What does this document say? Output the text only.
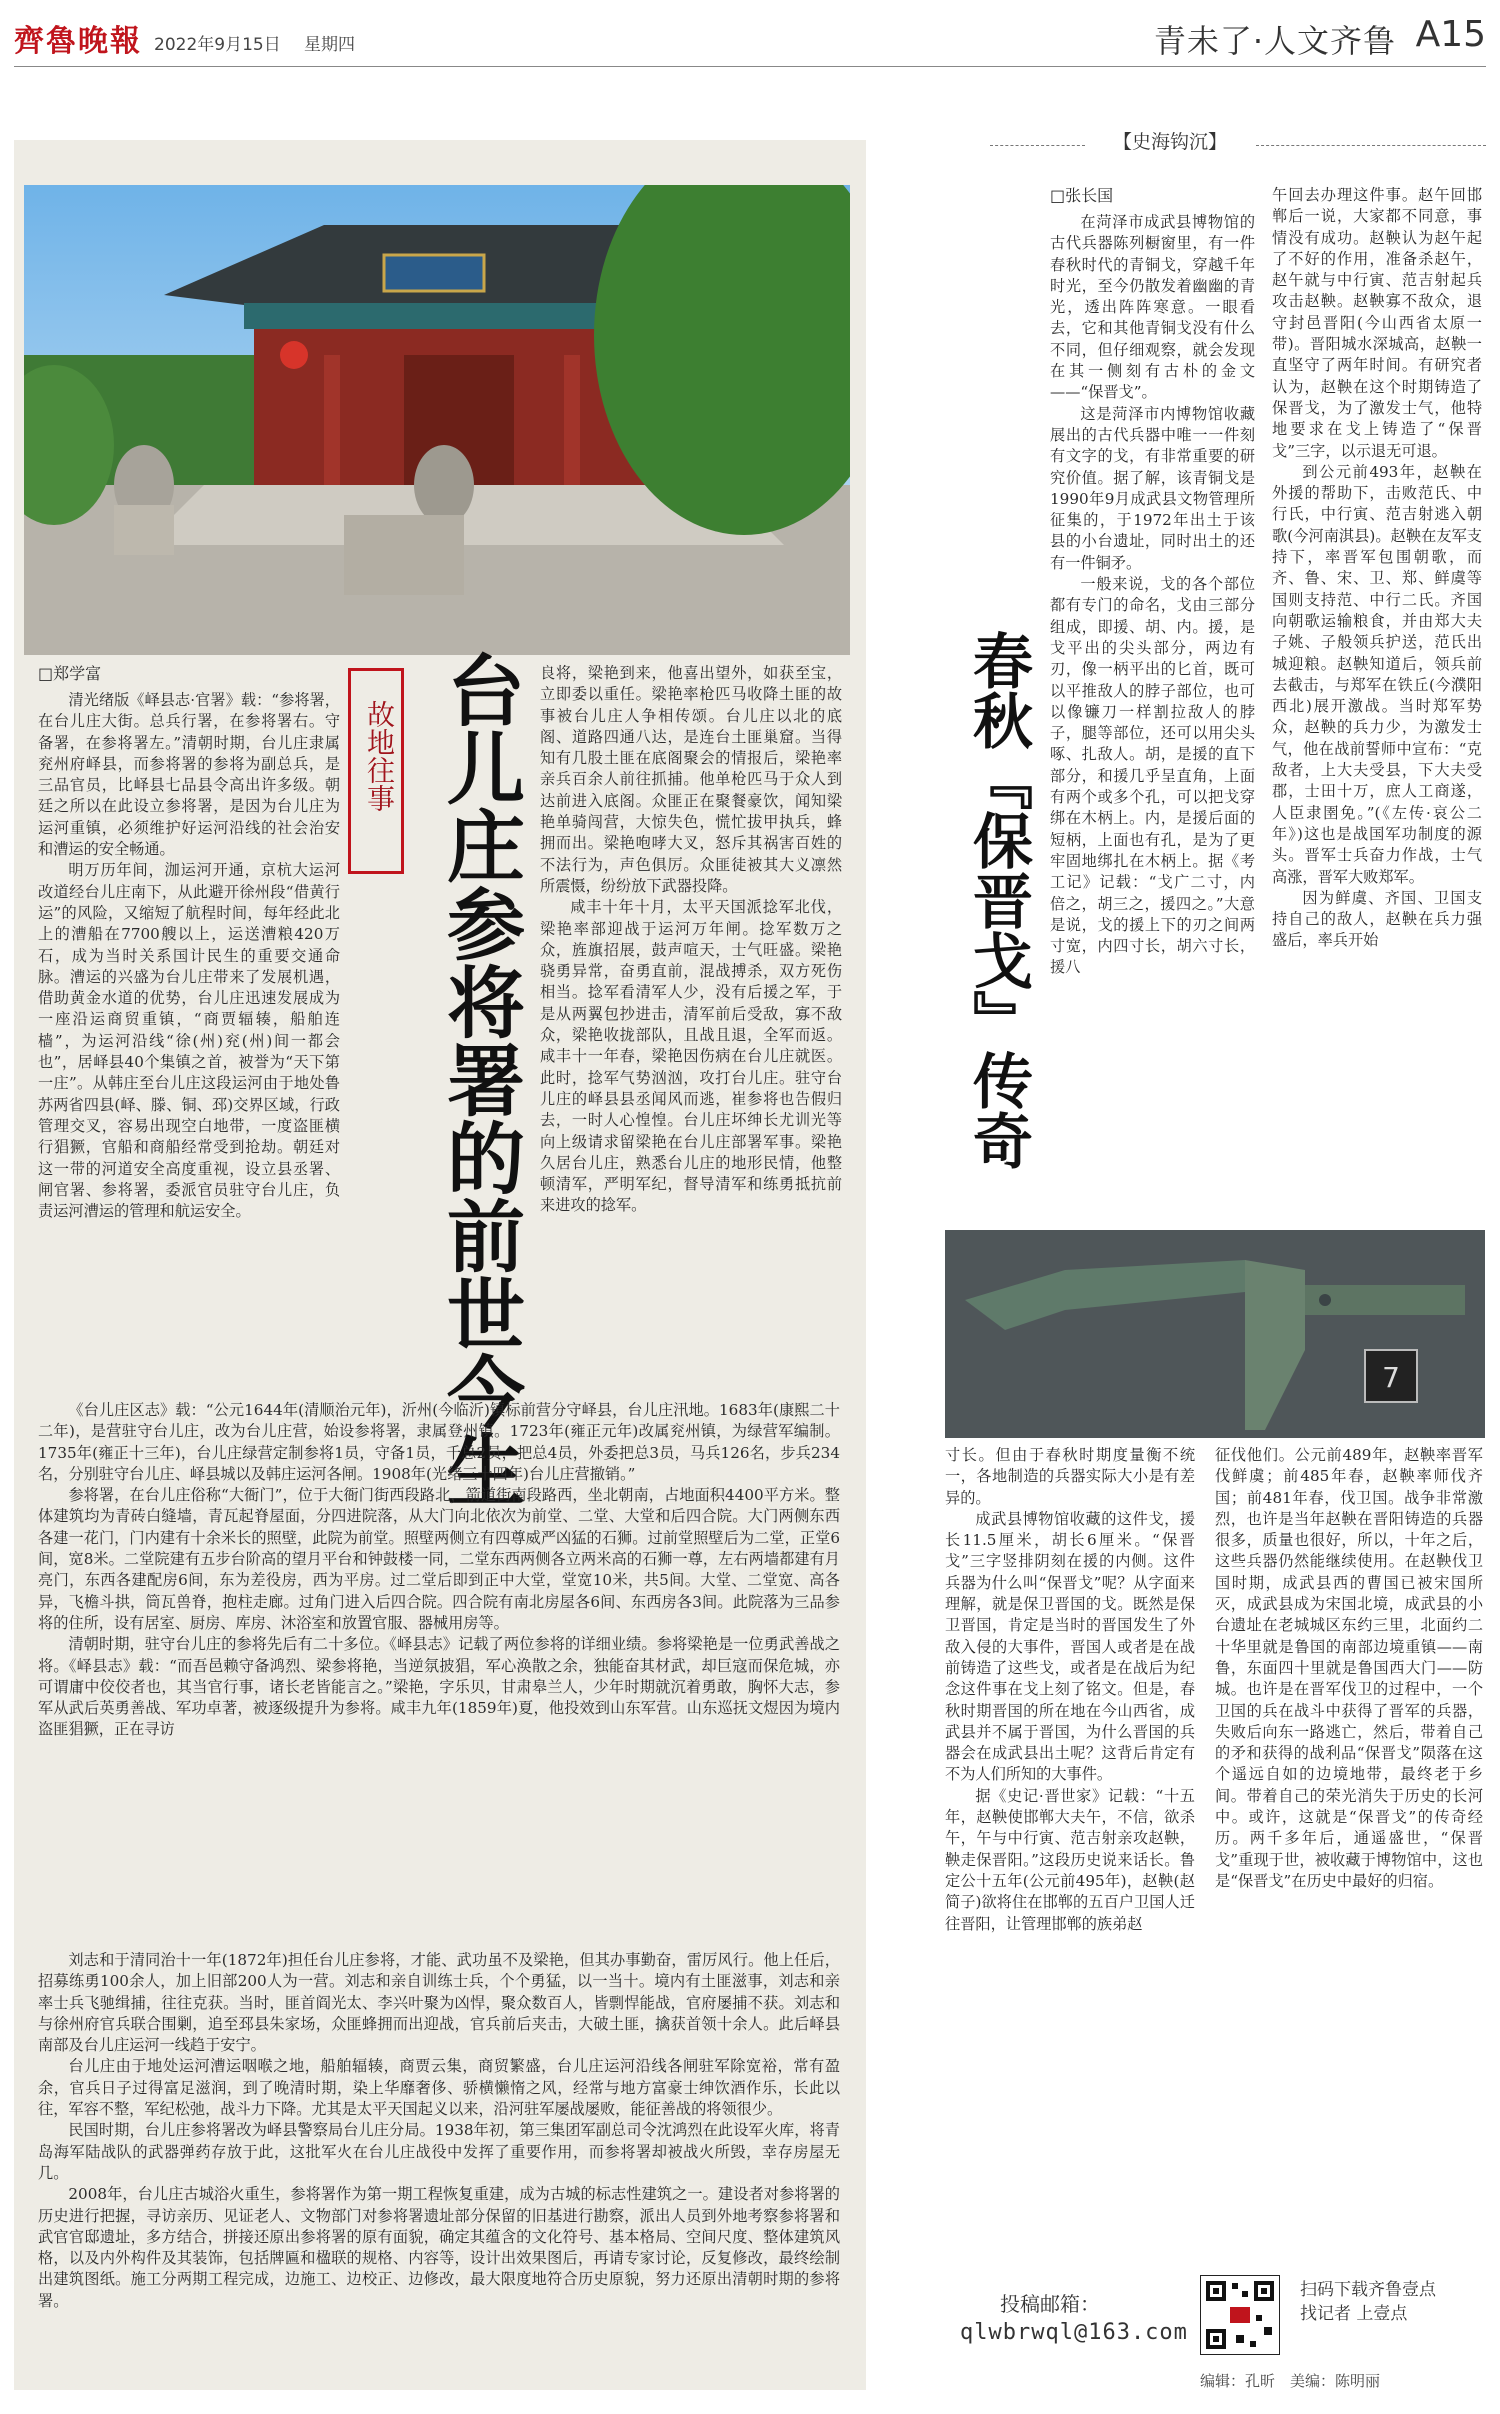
齊魯晚報 2022年9月15日 星期四	青未了·人文齐鲁 A15
故地往事 台儿庄参将署的前世今生
□郑学富

清光绪版《峄县志·官署》载：“参将署，在台儿庄大街。总兵行署，在参将署右。守备署，在参将署左。”清朝时期，台儿庄隶属兖州府峄县，而参将署的参将为副总兵，是三品官员，比峄县七品县令高出许多级。朝廷之所以在此设立参将署，是因为台儿庄为运河重镇，必须维护好运河沿线的社会治安和漕运的安全畅通。

明万历年间，泇运河开通，京杭大运河改道经台儿庄南下，从此避开徐州段“借黄行运”的风险，又缩短了航程时间，每年经此北上的漕船在7700艘以上，运送漕粮420万石，成为当时关系国计民生的重要交通命脉。漕运的兴盛为台儿庄带来了发展机遇，借助黄金水道的优势，台儿庄迅速发展成为一座沿运商贸重镇，“商贾辐辏，船舶连樯”，为运河沿线“徐(州)兖(州)间一都会也”，居峄县40个集镇之首，被誉为“天下第一庄”。从韩庄至台儿庄这段运河由于地处鲁苏两省四县(峄、滕、铜、邳)交界区域，行政管理交叉，容易出现空白地带，一度盗匪横行猖獗，官船和商船经常受到抢劫。朝廷对这一带的河道安全高度重视，设立县丞署、闸官署、参将署，委派官员驻守台儿庄，负责运河漕运的管理和航运安全。

《台儿庄区志》载：“公元1644年(清顺治元年)，沂州(今临沂)镇标前营分守峄县，台儿庄汛地。1683年(康熙二十二年)，是营驻守台儿庄，改为台儿庄营，始设参将署，隶属登州镇。1723年(雍正元年)改属兖州镇，为绿营军编制。1735年(雍正十三年)，台儿庄绿营定制参将1员，守备1员，千总2员，把总4员，外委把总3员，马兵126名，步兵234名，分别驻守台儿庄、峄县城以及韩庄运河各闸。1908年(光绪三十四年)台儿庄营撤销。”

参将署，在台儿庄俗称“大衙门”，位于大衙门街西段路北，箭道街南段路西，坐北朝南，占地面积4400平方米。整体建筑均为青砖白缝墙，青瓦起脊屋面，分四进院落，从大门向北依次为前堂、二堂、大堂和后四合院。大门两侧东西各建一花门，门内建有十余米长的照壁，此院为前堂。照壁两侧立有四尊威严凶猛的石狮。过前堂照壁后为二堂，正堂6间，宽8米。二堂院建有五步台阶高的望月平台和钟鼓楼一同，二堂东西两侧各立两米高的石狮一尊，左右两墙都建有月亮门，东西各建配房6间，东为差役房，西为平房。过二堂后即到正中大堂，堂宽10米，共5间。大堂、二堂宽、高各异，飞檐斗拱，筒瓦兽脊，抱柱走廊。过角门进入后四合院。四合院有南北房屋各6间、东西房各3间。此院落为三品参将的住所，设有居室、厨房、库房、沐浴室和放置官服、器械用房等。

清朝时期，驻守台儿庄的参将先后有二十多位。《峄县志》记载了两位参将的详细业绩。参将梁艳是一位勇武善战之将。《峄县志》载：“而吾邑赖守备鸿烈、梁参将艳，当逆氛披猖，军心涣散之余，独能奋其材武，却巨寇而保危城，亦可谓庸中佼佼者也，其当官行事，诸长老皆能言之。”梁艳，字乐贝，甘肃皋兰人，少年时期就沉着勇敢，胸怀大志，参军从武后英勇善战、军功卓著，被逐级提升为参将。咸丰九年(1859年)夏，他投效到山东军营。山东巡抚文煜因为境内盗匪猖獗，正在寻访

良将，梁艳到来，他喜出望外，如获至宝，立即委以重任。梁艳率枪匹马收降土匪的故事被台儿庄人争相传颂。台儿庄以北的底阁、道路四通八达，是连台土匪巢窟。当得知有几股土匪在底阁聚会的情报后，梁艳率亲兵百余人前往抓捕。他单枪匹马于众人到达前进入底阁。众匪正在聚餐豪饮，闻知梁艳单骑闯营，大惊失色，慌忙拔甲执兵，蜂拥而出。梁艳咆哮大叉，怒斥其祸害百姓的不法行为，声色俱厉。众匪徒被其大义凛然所震慑，纷纷放下武器投降。

咸丰十年十月，太平天国派捻军北伐，梁艳率部迎战于运河万年闸。捻军数万之众，旌旗招展，鼓声喧天，士气旺盛。梁艳骁勇异常，奋勇直前，混战搏杀，双方死伤相当。捻军看清军人少，没有后援之军，于是从两翼包抄进击，清军前后受敌，寡不敌众，梁艳收拢部队，且战且退，全军而返。咸丰十一年春，梁艳因伤病在台儿庄就医。此时，捻军气势汹汹，攻打台儿庄。驻守台儿庄的峄县县丞闻风而逃，崔参将也告假归去，一时人心惶惶。台儿庄坏绅长尤训光等向上级请求留梁艳在台儿庄部署军事。梁艳久居台儿庄，熟悉台儿庄的地形民情，他整顿清军，严明军纪，督导清军和练勇抵抗前来进攻的捻军。

刘志和于清同治十一年(1872年)担任台儿庄参将，才能、武功虽不及梁艳，但其办事勤奋，雷厉风行。他上任后，招募练勇100余人，加上旧部200人为一营。刘志和亲自训练士兵，个个勇猛，以一当十。境内有土匪滋事，刘志和亲率士兵飞驰缉捕，往往克获。当时，匪首阎光太、李兴叶聚为凶悍，聚众数百人，皆剽悍能战，官府屡捕不获。刘志和与徐州府官兵联合围剿，追至邳县朱家场，众匪蜂拥而出迎战，官兵前后夹击，大破土匪，擒获首领十余人。此后峄县南部及台儿庄运河一线趋于安宁。

台儿庄由于地处运河漕运咽喉之地，船舶辐辏，商贾云集，商贸繁盛，台儿庄运河沿线各闸驻军除宽裕，常有盈余，官兵日子过得富足滋润，到了晚清时期，染上华靡奢侈、骄横懒惰之风，经常与地方富豪士绅饮酒作乐，长此以往，军容不整，军纪松弛，战斗力下降。尤其是太平天国起义以来，沿河驻军屡战屡败，能征善战的将领很少。

民国时期，台儿庄参将署改为峄县警察局台儿庄分局。1938年初，第三集团军副总司令沈鸿烈在此设军火库，将青岛海军陆战队的武器弹药存放于此，这批军火在台儿庄战役中发挥了重要作用，而参将署却被战火所毁，幸存房屋无几。

2008年，台儿庄古城浴火重生，参将署作为第一期工程恢复重建，成为古城的标志性建筑之一。建设者对参将署的历史进行把握，寻访亲历、见证老人、文物部门对参将署遗址部分保留的旧基进行勘察，派出人员到外地考察参将署和武官官邸遗址，多方结合，拼接还原出参将署的原有面貌，确定其蕴含的文化符号、基本格局、空间尺度、整体建筑风格，以及内外构件及其装饰，包括牌匾和楹联的规格、内容等，设计出效果图后，再请专家讨论，反复修改，最终绘制出建筑图纸。施工分两期工程完成，边施工、边校正、边修改，最大限度地符合历史原貌，努力还原出清朝时期的参将署。

【史海钩沉】
春秋『保晋戈』传奇
□张长国

在菏泽市成武县博物馆的古代兵器陈列橱窗里，有一件春秋时代的青铜戈，穿越千年时光，至今仍散发着幽幽的青光，透出阵阵寒意。一眼看去，它和其他青铜戈没有什么不同，但仔细观察，就会发现在其一侧刻有古朴的金文——“保晋戈”。

这是菏泽市内博物馆收藏展出的古代兵器中唯一一件刻有文字的戈，有非常重要的研究价值。据了解，该青铜戈是1990年9月成武县文物管理所征集的，于1972年出土于该县的小台遗址，同时出土的还有一件铜矛。

一般来说，戈的各个部位都有专门的命名，戈由三部分组成，即援、胡、内。援，是戈平出的尖头部分，两边有刃，像一柄平出的匕首，既可以平推敌人的脖子部位，也可以像镰刀一样割拉敌人的脖子，腿等部位，还可以用尖头啄、扎敌人。胡，是援的直下部分，和援几乎呈直角，上面有两个或多个孔，可以把戈穿绑在木柄上。内，是援后面的短柄，上面也有孔，是为了更牢固地绑扎在木柄上。据《考工记》记载：“戈广二寸，内倍之，胡三之，援四之。”大意是说，戈的援上下的刃之间两寸宽，内四寸长，胡六寸长，援八

午回去办理这件事。赵午回邯郸后一说，大家都不同意，事情没有成功。赵鞅认为赵午起了不好的作用，准备杀赵午，赵午就与中行寅、范吉射起兵攻击赵鞅。赵鞅寡不敌众，退守封邑晋阳(今山西省太原一带)。晋阳城水深城高，赵鞅一直坚守了两年时间。有研究者认为，赵鞅在这个时期铸造了保晋戈，为了激发士气，他特地要求在戈上铸造了“保晋戈”三字，以示退无可退。

到公元前493年，赵鞅在外援的帮助下，击败范氏、中行氏，中行寅、范吉射逃入朝歌(今河南淇县)。赵鞅在友军支持下，率晋军包围朝歌，而齐、鲁、宋、卫、郑、鲜虞等国则支持范、中行二氏。齐国向朝歌运输粮食，并由郑大夫子姚、子般领兵护送，范氏出城迎粮。赵鞅知道后，领兵前去截击，与郑军在铁丘(今濮阳西北)展开激战。当时郑军势众，赵鞅的兵力少，为激发士气，他在战前誓师中宣布：“克敌者，上大夫受县，下大夫受郡，士田十万，庶人工商遂，人臣隶圉免。”(《左传·哀公二年》)这也是战国军功制度的源头。晋军士兵奋力作战，士气高涨，晋军大败郑军。

因为鲜虞、齐国、卫国支持自己的敌人，赵鞅在兵力强盛后，率兵开始

7

寸长。但由于春秋时期度量衡不统一，各地制造的兵器实际大小是有差异的。

成武县博物馆收藏的这件戈，援长11.5厘米，胡长6厘米。“保晋戈”三字竖排阴刻在援的内侧。这件兵器为什么叫“保晋戈”呢？从字面来理解，就是保卫晋国的戈。既然是保卫晋国，肯定是当时的晋国发生了外敌入侵的大事件，晋国人或者是在战前铸造了这些戈，或者是在战后为纪念这件事在戈上刻了铭文。但是，春秋时期晋国的所在地在今山西省，成武县并不属于晋国，为什么晋国的兵器会在成武县出土呢？这背后肯定有不为人们所知的大事件。

据《史记·晋世家》记载：“十五年，赵鞅使邯郸大夫午，不信，欲杀午，午与中行寅、范吉射亲攻赵鞅，鞅走保晋阳。”这段历史说来话长。鲁定公十五年(公元前495年)，赵鞅(赵简子)欲将住在邯郸的五百户卫国人迁往晋阳，让管理邯郸的族弟赵

征伐他们。公元前489年，赵鞅率晋军伐鲜虞；前485年春，赵鞅率师伐齐国；前481年春，伐卫国。战争非常激烈，也许是当年赵鞅在晋阳铸造的兵器很多，质量也很好，所以，十年之后，这些兵器仍然能继续使用。在赵鞅伐卫国时期，成武县西的曹国已被宋国所灭，成武县成为宋国北境，成武县的小台遗址在老城城区东约三里，北面约二十华里就是鲁国的南部边境重镇——南鲁，东面四十里就是鲁国西大门——防城。也许是在晋军伐卫的过程中，一个卫国的兵在战斗中获得了晋军的兵器，失败后向东一路逃亡，然后，带着自己的矛和获得的战利品“保晋戈”陨落在这个遥远自如的边境地带，最终老于乡间。带着自己的荣光消失于历史的长河中。或许，这就是“保晋戈”的传奇经历。两千多年后，通遥盛世，“保晋戈”重现于世，被收藏于博物馆中，这也是“保晋戈”在历史中最好的归宿。

投稿邮箱：
qlwbrwql@163.com
扫码下载齐鲁壹点
找记者 上壹点
编辑：孔昕　美编：陈明丽
